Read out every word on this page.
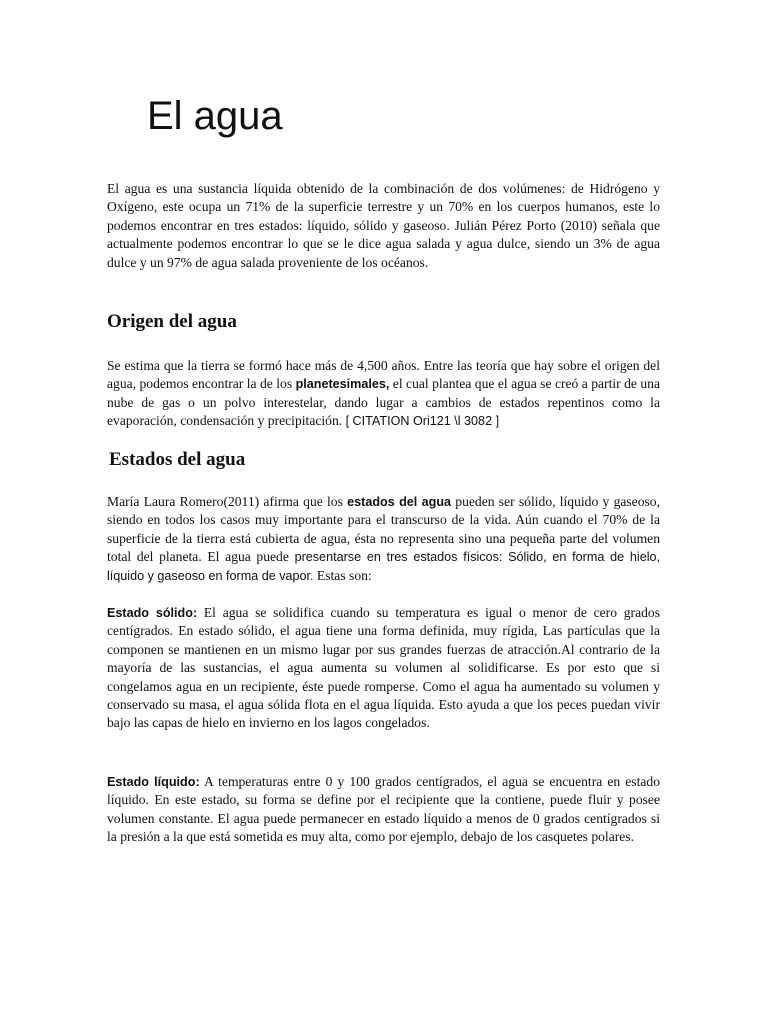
El agua

El agua es una sustancia líquida obtenido de la combinación de dos volúmenes: de Hidrógeno y Oxígeno, este ocupa un 71% de la superficie terrestre y un 70% en los cuerpos humanos, este lo podemos encontrar en tres estados: líquido, sólido y gaseoso. Julián Pérez Porto (2010) señala que actualmente podemos encontrar lo que se le dice agua salada y agua dulce, siendo un 3% de agua dulce y un 97% de agua salada proveniente de los océanos.

Origen del agua

Se estima que la tierra se formó hace más de 4,500 años. Entre las teoría que hay sobre el origen del agua, podemos encontrar la de los planetesimales, el cual plantea que el agua se creó a partir de una nube de gas o un polvo interestelar, dando lugar a cambios de estados repentinos como la evaporación, condensación y precipitación. [ CITATION Ori121 \l 3082 ]

Estados del agua

María Laura Romero(2011) afirma que los estados del agua pueden ser sólido, líquido y gaseoso, siendo en todos los casos muy importante para el transcurso de la vida. Aún cuando el 70% de la superficie de la tierra está cubierta de agua, ésta no representa sino una pequeña parte del volumen total del planeta. El agua puede presentarse en tres estados físicos: Sólido, en forma de hielo, líquido y gaseoso en forma de vapor. Estas son:

Estado sólido: El agua se solidifica cuando su temperatura es igual o menor de cero grados centígrados. En estado sólido, el agua tiene una forma definida, muy rígida, Las partículas que la componen se mantienen en un mismo lugar por sus grandes fuerzas de atracción.Al contrario de la mayoría de las sustancias, el agua aumenta su volumen al solidificarse. Es por esto que si congelamos agua en un recipiente, éste puede romperse. Como el agua ha aumentado su volumen y conservado su masa, el agua sólida flota en el agua líquida. Esto ayuda a que los peces puedan vivir bajo las capas de hielo en invierno en los lagos congelados.

Estado líquido: A temperaturas entre 0 y 100 grados centígrados, el agua se encuentra en estado líquido. En este estado, su forma se define por el recipiente que la contiene, puede fluir y posee volumen constante. El agua puede permanecer en estado líquido a menos de 0 grados centígrados si la presión a la que está sometida es muy alta, como por ejemplo, debajo de los casquetes polares.
